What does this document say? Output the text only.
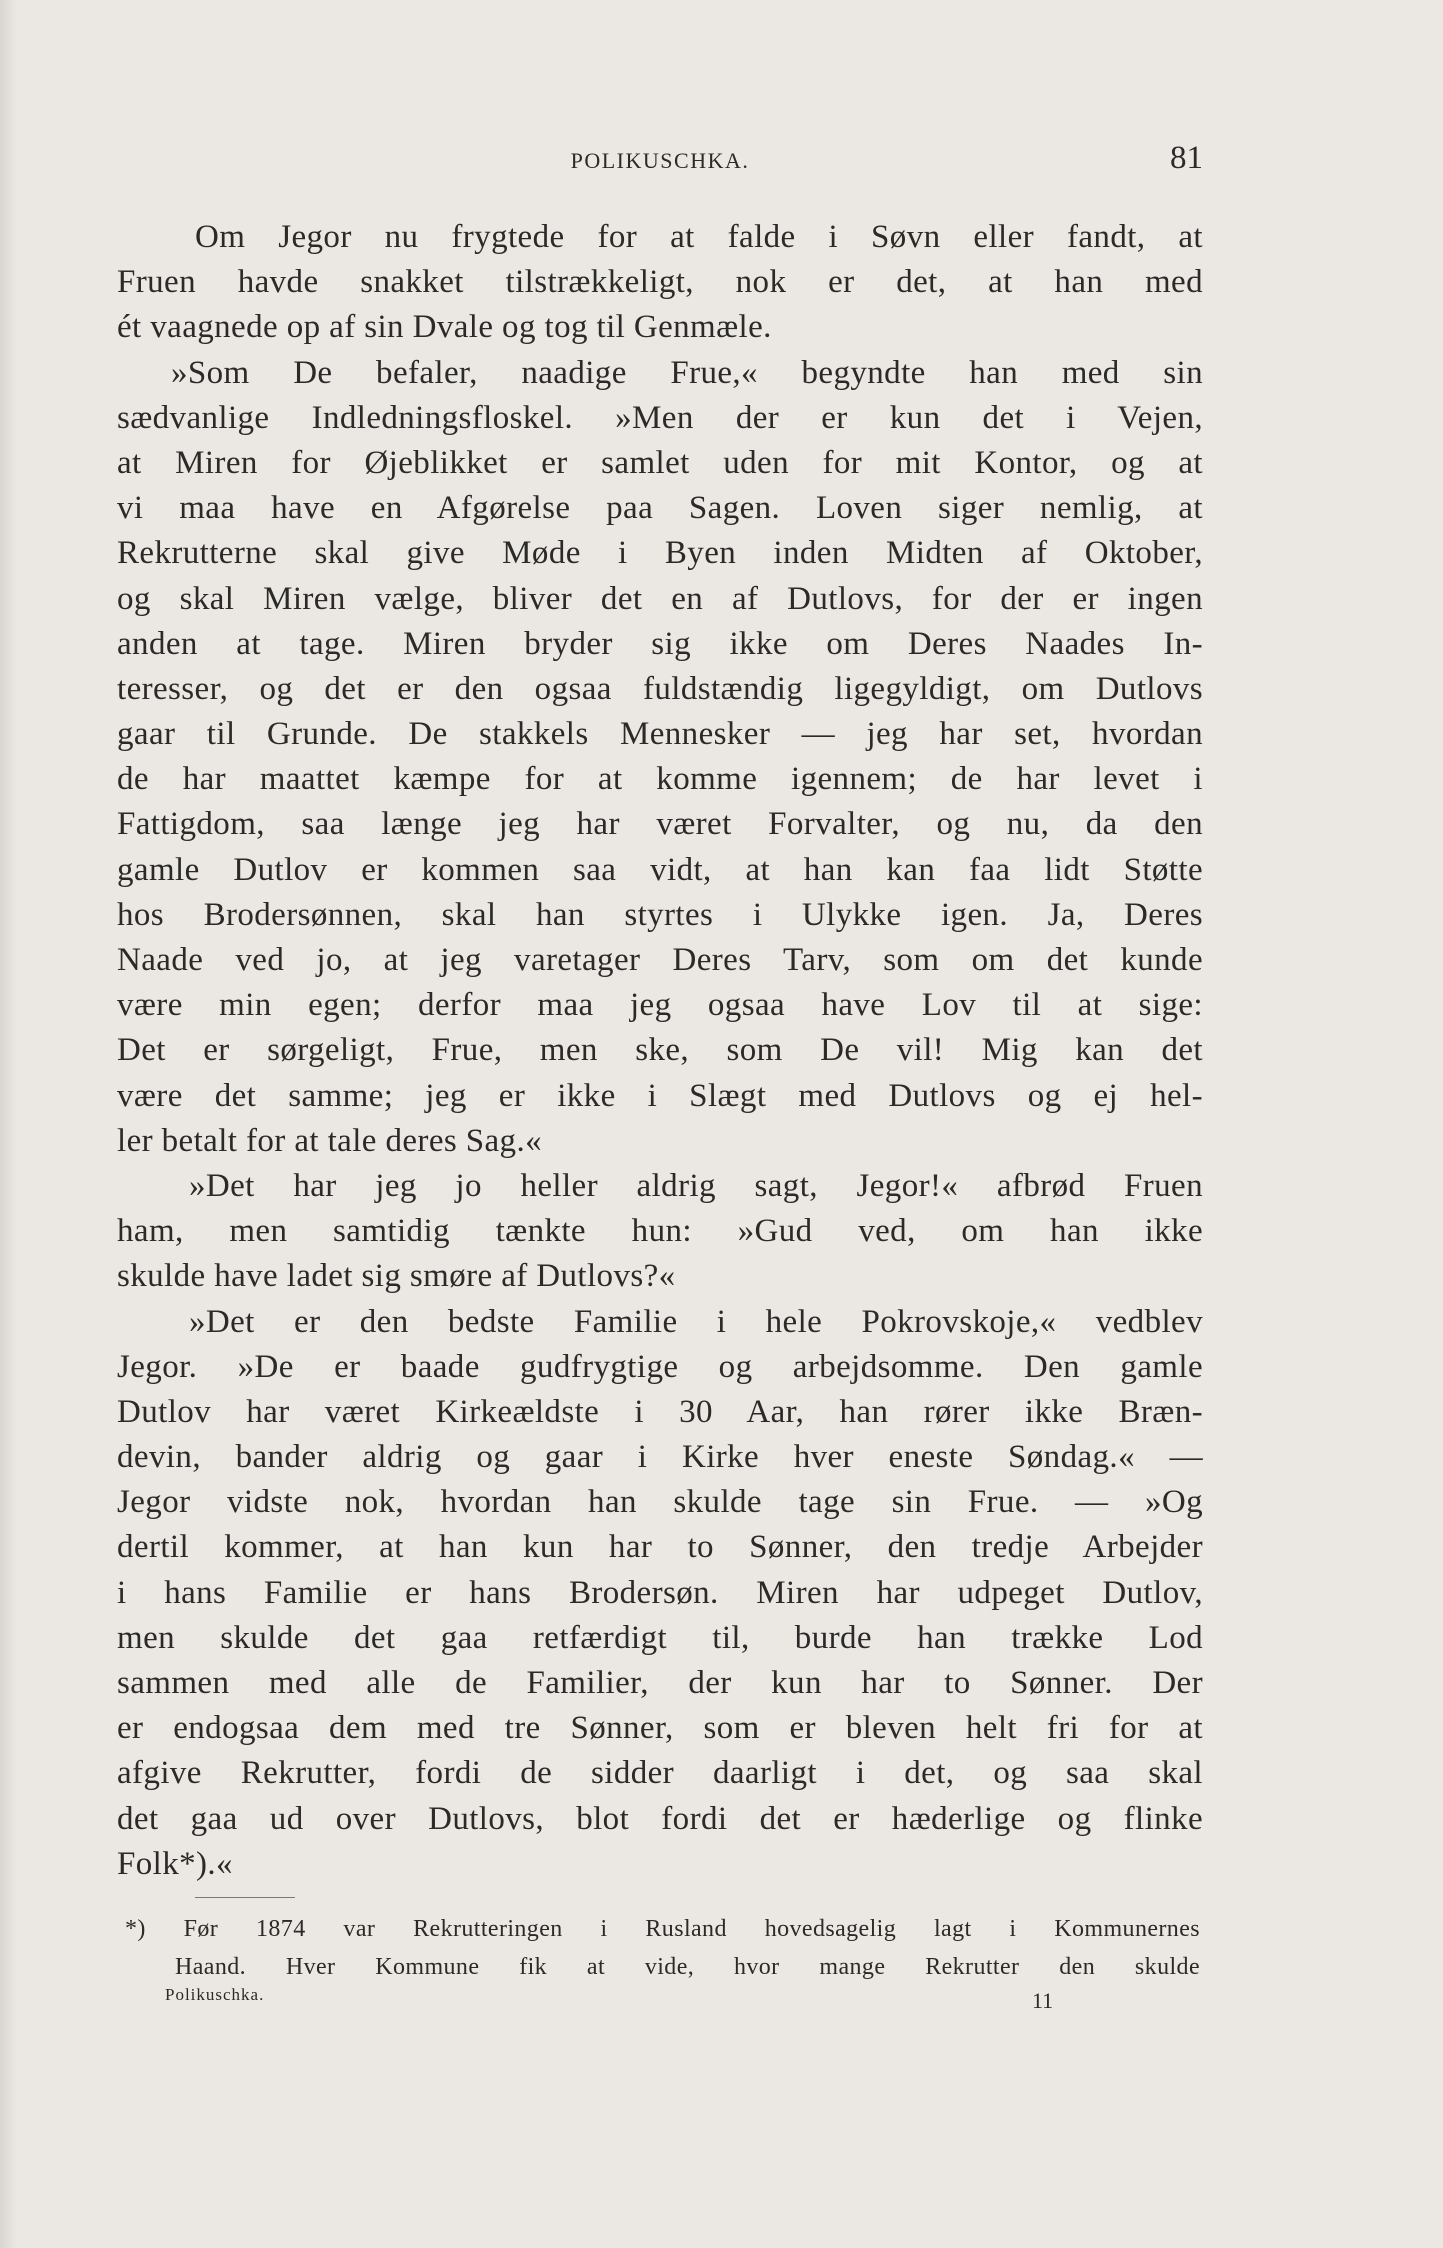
POLIKUSCHKA.	81
Om Jegor nu frygtede for at falde i Søvn eller fandt, at
Fruen havde snakket tilstrækkeligt, nok er det, at han med
ét vaagnede op af sin Dvale og tog til Genmæle.
»Som De befaler, naadige Frue,« begyndte han med sin
sædvanlige Indledningsfloskel. »Men der er kun det i Vejen,
at Miren for Øjeblikket er samlet uden for mit Kontor, og at
vi maa have en Afgørelse paa Sagen. Loven siger nemlig, at
Rekrutterne skal give Møde i Byen inden Midten af Oktober,
og skal Miren vælge, bliver det en af Dutlovs, for der er ingen
anden at tage. Miren bryder sig ikke om Deres Naades In-
teresser, og det er den ogsaa fuldstændig ligegyldigt, om Dutlovs
gaar til Grunde. De stakkels Mennesker — jeg har set, hvordan
de har maattet kæmpe for at komme igennem; de har levet i
Fattigdom, saa længe jeg har været Forvalter, og nu, da den
gamle Dutlov er kommen saa vidt, at han kan faa lidt Støtte
hos Brodersønnen, skal han styrtes i Ulykke igen. Ja, Deres
Naade ved jo, at jeg varetager Deres Tarv, som om det kunde
være min egen; derfor maa jeg ogsaa have Lov til at sige:
Det er sørgeligt, Frue, men ske, som De vil! Mig kan det
være det samme; jeg er ikke i Slægt med Dutlovs og ej hel-
ler betalt for at tale deres Sag.«
»Det har jeg jo heller aldrig sagt, Jegor!« afbrød Fruen
ham, men samtidig tænkte hun: »Gud ved, om han ikke
skulde have ladet sig smøre af Dutlovs?«
»Det er den bedste Familie i hele Pokrovskoje,« vedblev
Jegor. »De er baade gudfrygtige og arbejdsomme. Den gamle
Dutlov har været Kirkeældste i 30 Aar, han rører ikke Bræn-
devin, bander aldrig og gaar i Kirke hver eneste Søndag.« —
Jegor vidste nok, hvordan han skulde tage sin Frue. — »Og
dertil kommer, at han kun har to Sønner, den tredje Arbejder
i hans Familie er hans Brodersøn. Miren har udpeget Dutlov,
men skulde det gaa retfærdigt til, burde han trække Lod
sammen med alle de Familier, der kun har to Sønner. Der
er endogsaa dem med tre Sønner, som er bleven helt fri for at
afgive Rekrutter, fordi de sidder daarligt i det, og saa skal
det gaa ud over Dutlovs, blot fordi det er hæderlige og flinke
Folk*).«
*) Før 1874 var Rekrutteringen i Rusland hovedsagelig lagt i Kommunernes
Haand. Hver Kommune fik at vide, hvor mange Rekrutter den skulde
Polikuschka.	11
